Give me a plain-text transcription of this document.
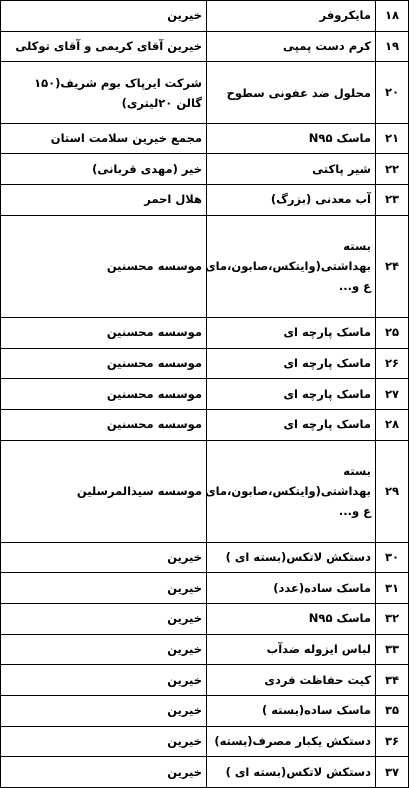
۱۸	مایکروفر	خیرین
۱۹	کرم دست پمپی	خیرین آقای کریمی و آقای توکلی
۲۰	محلول ضد عفونی سطوح	شرکت ایرپاک بوم شریف(۱۵۰ گالن ۲۰لیتری)
۲۱	ماسک N۹۵	مجمع خیرین سلامت استان
۲۲	شیر پاکتی	خیر (مهدی قربانی)
۲۳	آب معدنی (بزرگ)	هلال احمر
۲۴	بسته بهداشتی(وایتکس،صابون،مای ع و...	موسسه محسنین
۲۵	ماسک پارچه ای	موسسه محسنین
۲۶	ماسک پارچه ای	موسسه محسنین
۲۷	ماسک پارچه ای	موسسه محسنین
۲۸	ماسک پارچه ای	موسسه محسنین
۲۹	بسته بهداشتی(وایتکس،صابون،مای ع و...	موسسه سیدالمرسلین
۳۰	دستکش لاتکس(بسته ای )	خیرین
۳۱	ماسک ساده(عدد)	خیرین
۳۲	ماسک N۹۵	خیرین
۳۳	لباس ایزوله ضدآب	خیرین
۳۴	کیت حفاظت فردی	خیرین
۳۵	ماسک ساده(بسته )	خیرین
۳۶	دستکش یکبار مصرف(بسته)	خیرین
۳۷	دستکش لاتکس(بسته ای )	خیرین
